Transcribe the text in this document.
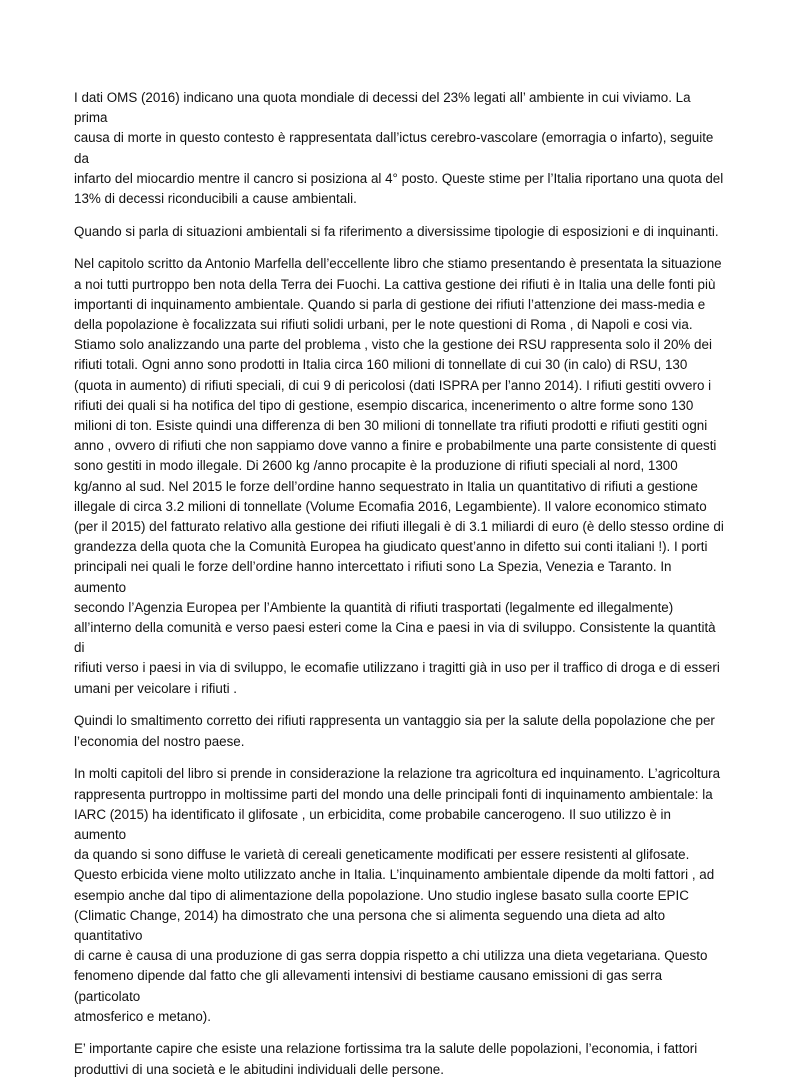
I dati OMS (2016) indicano una quota mondiale di decessi del 23% legati all’ ambiente in cui viviamo. La prima
causa di morte in questo contesto è rappresentata dall’ictus cerebro-vascolare (emorragia o infarto), seguite da
infarto del miocardio mentre il cancro si posiziona al 4° posto. Queste stime per l’Italia riportano una quota del
13% di decessi riconducibili a cause ambientali.

Quando si parla di situazioni ambientali si fa riferimento a diversissime tipologie di esposizioni e di inquinanti.

Nel capitolo scritto da Antonio Marfella dell’eccellente libro che stiamo presentando è presentata la situazione
a noi tutti purtroppo ben nota della Terra dei Fuochi. La cattiva gestione dei rifiuti è in Italia una delle fonti più
importanti di inquinamento ambientale. Quando si parla di gestione dei rifiuti l’attenzione dei mass-media e
della popolazione è focalizzata sui rifiuti solidi urbani, per le note questioni di Roma , di Napoli e cosi via.
Stiamo solo analizzando una parte del problema , visto che la gestione dei RSU rappresenta solo il 20% dei
rifiuti totali. Ogni anno sono prodotti in Italia circa 160 milioni di tonnellate di cui 30 (in calo) di RSU, 130
(quota in aumento) di rifiuti speciali, di cui 9 di pericolosi (dati ISPRA per l’anno 2014). I rifiuti gestiti ovvero i
rifiuti dei quali si ha notifica del tipo di gestione, esempio discarica, incenerimento o altre forme sono 130
milioni di ton. Esiste quindi una differenza di ben 30 milioni di tonnellate tra rifiuti prodotti e rifiuti gestiti ogni
anno , ovvero di rifiuti che non sappiamo dove vanno a finire e probabilmente una parte consistente di questi
sono gestiti in modo illegale. Di 2600 kg /anno procapite è la produzione di rifiuti speciali al nord, 1300
kg/anno al sud. Nel 2015 le forze dell’ordine hanno sequestrato in Italia un quantitativo di rifiuti a gestione
illegale di circa 3.2 milioni di tonnellate (Volume Ecomafia 2016, Legambiente). Il valore economico stimato
(per il 2015) del fatturato relativo alla gestione dei rifiuti illegali è di 3.1 miliardi di euro (è dello stesso ordine di
grandezza della quota che la Comunità Europea ha giudicato quest’anno in difetto sui conti italiani !). I porti
principali nei quali le forze dell’ordine hanno intercettato i rifiuti sono La Spezia, Venezia e Taranto. In aumento
secondo l’Agenzia Europea per l’Ambiente la quantità di rifiuti trasportati (legalmente ed illegalmente)
all’interno della comunità e verso paesi esteri come la Cina e paesi in via di sviluppo. Consistente la quantità di
rifiuti verso i paesi in via di sviluppo, le ecomafie utilizzano i tragitti già in uso per il traffico di droga e di esseri
umani per veicolare i rifiuti .

Quindi lo smaltimento corretto dei rifiuti rappresenta un vantaggio sia per la salute della popolazione che per
l’economia del nostro paese.

In molti capitoli del libro si prende in considerazione la relazione tra agricoltura ed inquinamento. L’agricoltura
rappresenta purtroppo in moltissime parti del mondo una delle principali fonti di inquinamento ambientale: la
IARC (2015) ha identificato il glifosate , un erbicidita, come probabile cancerogeno. Il suo utilizzo è in aumento
da quando si sono diffuse le varietà di cereali geneticamente modificati per essere resistenti al glifosate.
Questo erbicida viene molto utilizzato anche in Italia. L’inquinamento ambientale dipende da molti fattori , ad
esempio anche dal tipo di alimentazione della popolazione. Uno studio inglese basato sulla coorte EPIC
(Climatic Change, 2014) ha dimostrato che una persona che si alimenta seguendo una dieta ad alto quantitativo
di carne è causa di una produzione di gas serra doppia rispetto a chi utilizza una dieta vegetariana. Questo
fenomeno dipende dal fatto che gli allevamenti intensivi di bestiame causano emissioni di gas serra (particolato
atmosferico e metano).

E’ importante capire che esiste una relazione fortissima tra la salute delle popolazioni, l’economia, i fattori
produttivi di una società e le abitudini individuali delle persone.
